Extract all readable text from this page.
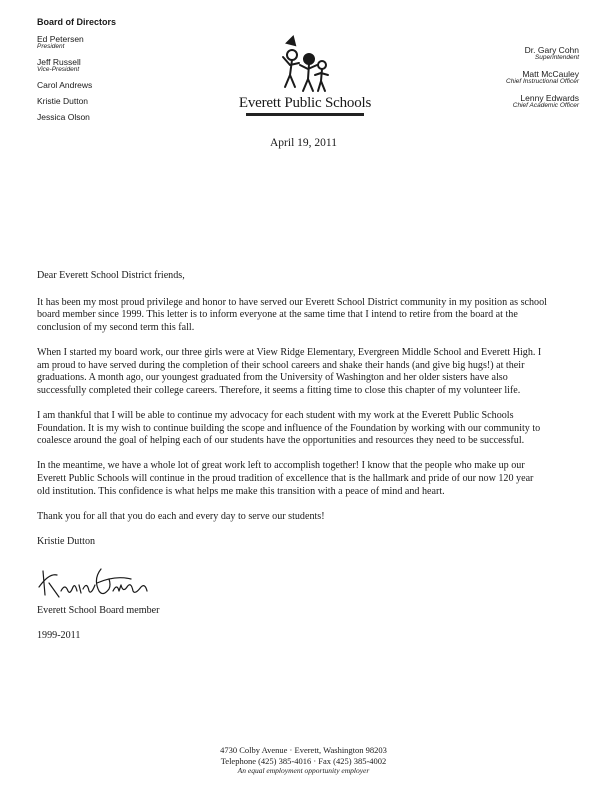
Board of Directors
Ed Petersen
President
Jeff Russell
Vice-President
Carol Andrews
Kristie Dutton
Jessica Olson
Everett Public Schools
Dr. Gary Cohn
Superintendent
Matt McCauley
Chief Instructional Officer
Lenny Edwards
Chief Academic Officer
April 19, 2011

Dear Everett School District friends,

It has been my most proud privilege and honor to have served our Everett School District community in my position as school board member since 1999. This letter is to inform everyone at the same time that I intend to retire from the board at the conclusion of my second term this fall.

When I started my board work, our three girls were at View Ridge Elementary, Evergreen Middle School and Everett High. I am proud to have served during the completion of their school careers and shake their hands (and give big hugs!) at their graduations. A month ago, our youngest graduated from the University of Washington and her older sisters have also successfully completed their college careers. Therefore, it seems a fitting time to close this chapter of my volunteer life.

I am thankful that I will be able to continue my advocacy for each student with my work at the Everett Public Schools Foundation. It is my wish to continue building the scope and influence of the Foundation by working with our community to coalesce around the goal of helping each of our students have the opportunities and resources they need to be successful.

In the meantime, we have a whole lot of great work left to accomplish together! I know that the people who make up our Everett Public Schools will continue in the proud tradition of excellence that is the hallmark and pride of our now 120 year old institution. This confidence is what helps me make this transition with a peace of mind and heart.

Thank you for all that you do each and every day to serve our students!

Kristie Dutton

Everett School Board member

1999-2011

4730 Colby Avenue · Everett, Washington 98203
Telephone (425) 385-4016 · Fax (425) 385-4002
An equal employment opportunity employer
